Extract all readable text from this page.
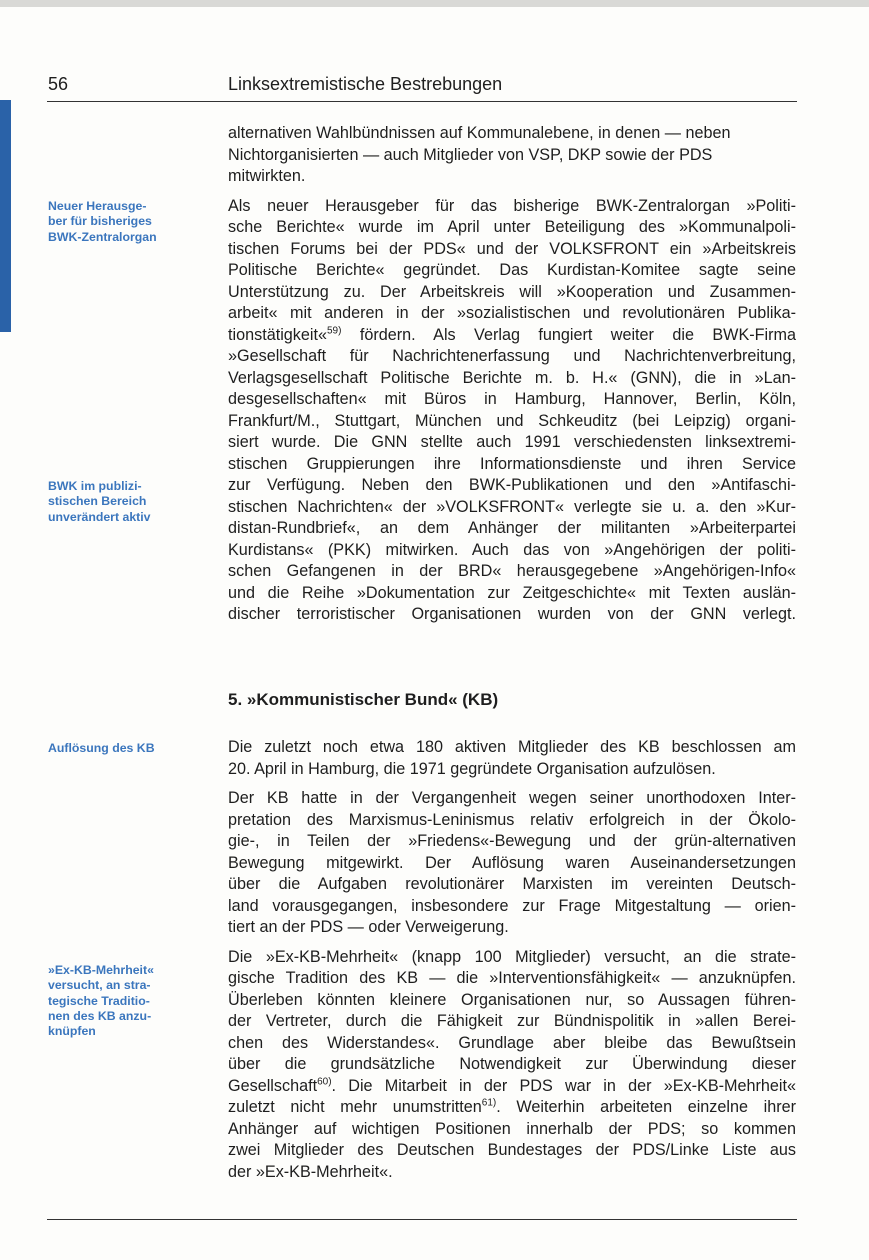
56	Linksextremistische Bestrebungen
Neuer Herausge-
ber für bisheriges
BWK-Zentralorgan
BWK im publizi-
stischen Bereich
unverändert aktiv
Auflösung des KB
»Ex-KB-Mehrheit«
versucht, an stra-
tegische Traditio-
nen des KB anzu-
knüpfen

alternativen Wahlbündnissen auf Kommunalebene, in denen — neben
Nichtorganisierten — auch Mitglieder von VSP, DKP sowie der PDS
mitwirkten.

Als neuer Herausgeber für das bisherige BWK-Zentralorgan »Politi-
sche Berichte« wurde im April unter Beteiligung des »Kommunalpoli-
tischen Forums bei der PDS« und der VOLKSFRONT ein »Arbeitskreis
Politische Berichte« gegründet. Das Kurdistan-Komitee sagte seine
Unterstützung zu. Der Arbeitskreis will »Kooperation und Zusammen-
arbeit« mit anderen in der »sozialistischen und revolutionären Publika-
tionstätigkeit«$^{59)}$ fördern. Als Verlag fungiert weiter die BWK-Firma
»Gesellschaft für Nachrichtenerfassung und Nachrichtenverbreitung,
Verlagsgesellschaft Politische Berichte m. b. H.« (GNN), die in »Lan-
desgesellschaften« mit Büros in Hamburg, Hannover, Berlin, Köln,
Frankfurt/M., Stuttgart, München und Schkeuditz (bei Leipzig) organi-
siert wurde. Die GNN stellte auch 1991 verschiedensten linksextremi-
stischen Gruppierungen ihre Informationsdienste und ihren Service
zur Verfügung. Neben den BWK-Publikationen und den »Antifaschi-
stischen Nachrichten« der »VOLKSFRONT« verlegte sie u. a. den »Kur-
distan-Rundbrief«, an dem Anhänger der militanten »Arbeiterpartei
Kurdistans« (PKK) mitwirken. Auch das von »Angehörigen der politi-
schen Gefangenen in der BRD« herausgegebene »Angehörigen-Info«
und die Reihe »Dokumentation zur Zeitgeschichte« mit Texten auslän-
discher terroristischer Organisationen wurden von der GNN verlegt.

5. »Kommunistischer Bund« (KB)

Die zuletzt noch etwa 180 aktiven Mitglieder des KB beschlossen am
20. April in Hamburg, die 1971 gegründete Organisation aufzulösen.

Der KB hatte in der Vergangenheit wegen seiner unorthodoxen Inter-
pretation des Marxismus-Leninismus relativ erfolgreich in der Ökolo-
gie-, in Teilen der »Friedens«-Bewegung und der grün-alternativen
Bewegung mitgewirkt. Der Auflösung waren Auseinandersetzungen
über die Aufgaben revolutionärer Marxisten im vereinten Deutsch-
land vorausgegangen, insbesondere zur Frage Mitgestaltung — orien-
tiert an der PDS — oder Verweigerung.

Die »Ex-KB-Mehrheit« (knapp 100 Mitglieder) versucht, an die strate-
gische Tradition des KB — die »Interventionsfähigkeit« — anzuknüpfen.
Überleben könnten kleinere Organisationen nur, so Aussagen führen-
der Vertreter, durch die Fähigkeit zur Bündnispolitik in »allen Berei-
chen des Widerstandes«. Grundlage aber bleibe das Bewußtsein
über die grundsätzliche Notwendigkeit zur Überwindung dieser
Gesellschaft$^{60)}$. Die Mitarbeit in der PDS war in der »Ex-KB-Mehrheit«
zuletzt nicht mehr unumstritten$^{61)}$. Weiterhin arbeiteten einzelne ihrer
Anhänger auf wichtigen Positionen innerhalb der PDS; so kommen
zwei Mitglieder des Deutschen Bundestages der PDS/Linke Liste aus
der »Ex-KB-Mehrheit«.
